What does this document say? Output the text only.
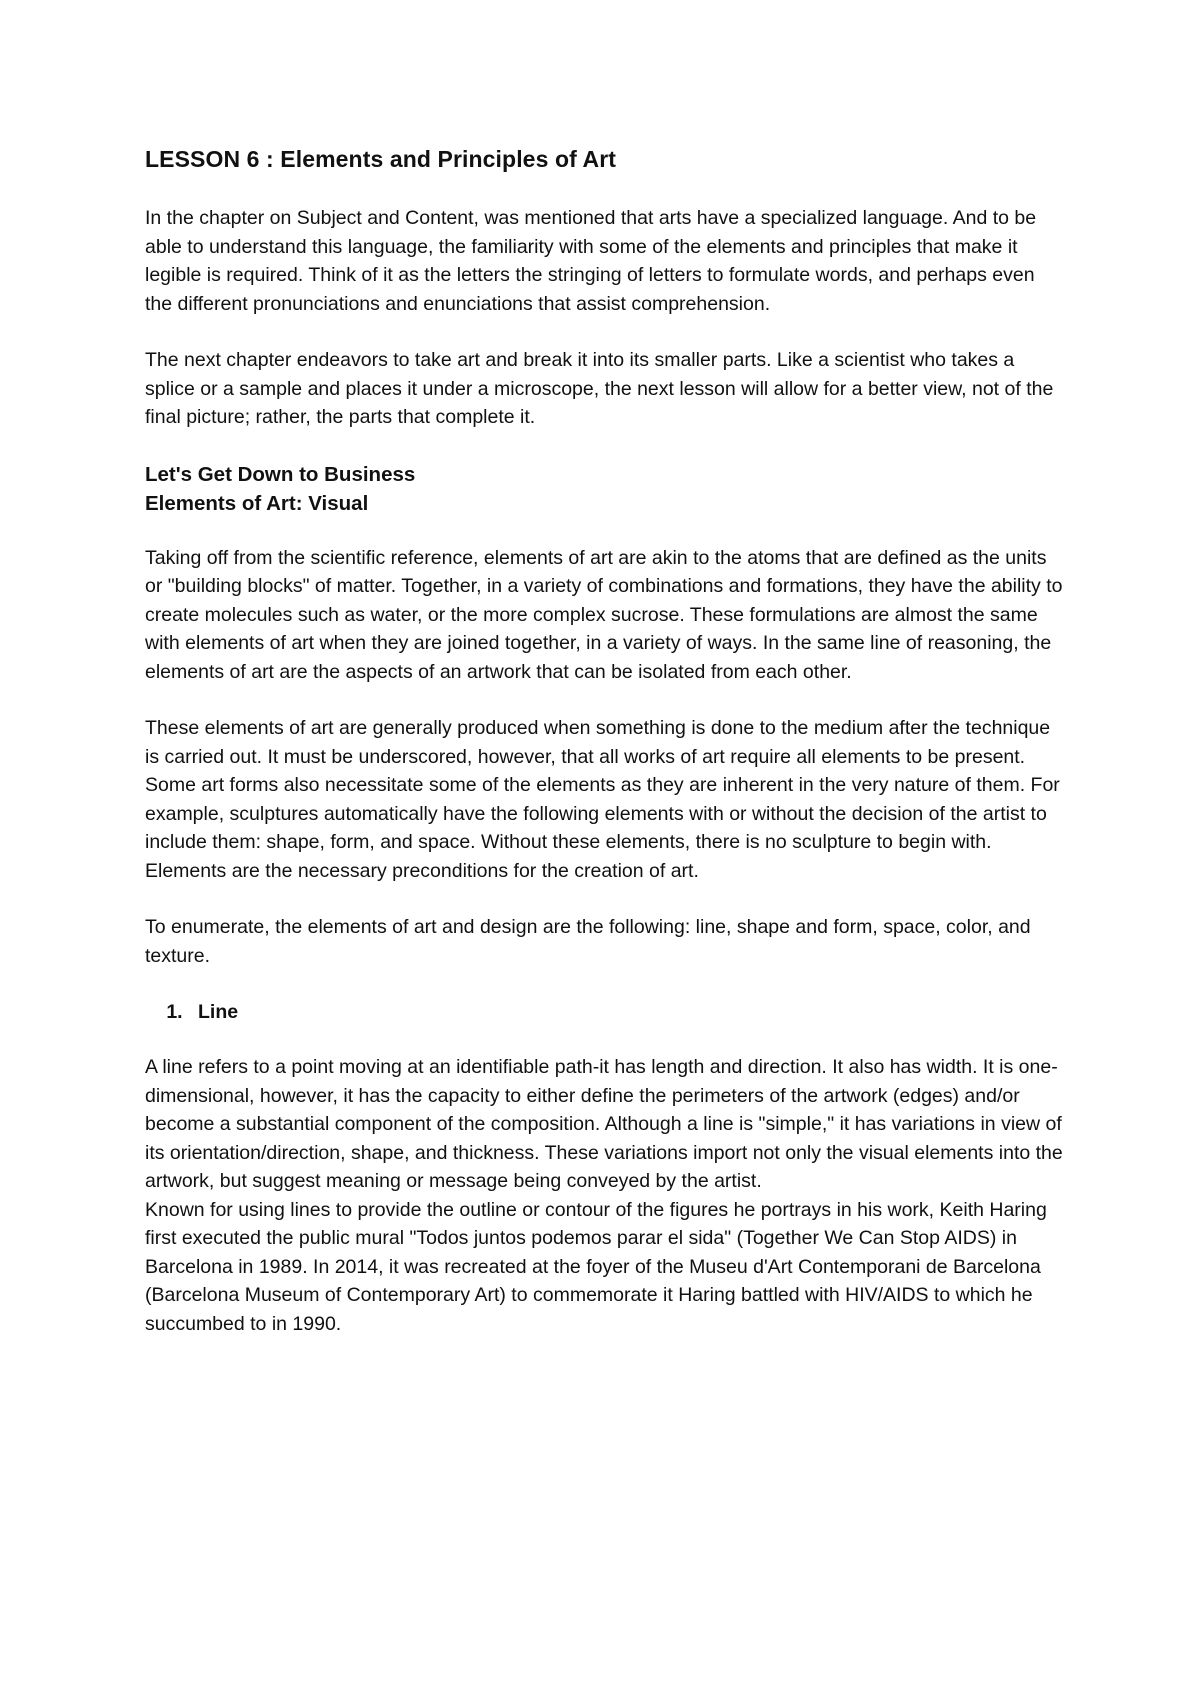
LESSON 6 : Elements and Principles of Art

In the chapter on Subject and Content, was mentioned that arts have a specialized language. And to be able to understand this language, the familiarity with some of the elements and principles that make it legible is required. Think of it as the letters the stringing of letters to formulate words, and perhaps even the different pronunciations and enunciations that assist comprehension.

The next chapter endeavors to take art and break it into its smaller parts. Like a scientist who takes a splice or a sample and places it under a microscope, the next lesson will allow for a better view, not of the final picture; rather, the parts that complete it.

Let's Get Down to Business
Elements of Art: Visual

Taking off from the scientific reference, elements of art are akin to the atoms that are defined as the units or "building blocks" of matter. Together, in a variety of combinations and formations, they have the ability to create molecules such as water, or the more complex sucrose. These formulations are almost the same with elements of art when they are joined together, in a variety of ways. In the same line of reasoning, the elements of art are the aspects of an artwork that can be isolated from each other.

These elements of art are generally produced when something is done to the medium after the technique is carried out. It must be underscored, however, that all works of art require all elements to be present. Some art forms also necessitate some of the elements as they are inherent in the very nature of them. For example, sculptures automatically have the following elements with or without the decision of the artist to include them: shape, form, and space. Without these elements, there is no sculpture to begin with. Elements are the necessary preconditions for the creation of art.

To enumerate, the elements of art and design are the following: line, shape and form, space, color, and texture.

1. Line

A line refers to a point moving at an identifiable path-it has length and direction. It also has width. It is one-dimensional, however, it has the capacity to either define the perimeters of the artwork (edges) and/or become a substantial component of the composition. Although a line is "simple," it has variations in view of its orientation/direction, shape, and thickness. These variations import not only the visual elements into the artwork, but suggest meaning or message being conveyed by the artist.

Known for using lines to provide the outline or contour of the figures he portrays in his work, Keith Haring first executed the public mural "Todos juntos podemos parar el sida" (Together We Can Stop AIDS) in Barcelona in 1989. In 2014, it was recreated at the foyer of the Museu d'Art Contemporani de Barcelona (Barcelona Museum of Contemporary Art) to commemorate it Haring battled with HIV/AIDS to which he succumbed to in 1990.
